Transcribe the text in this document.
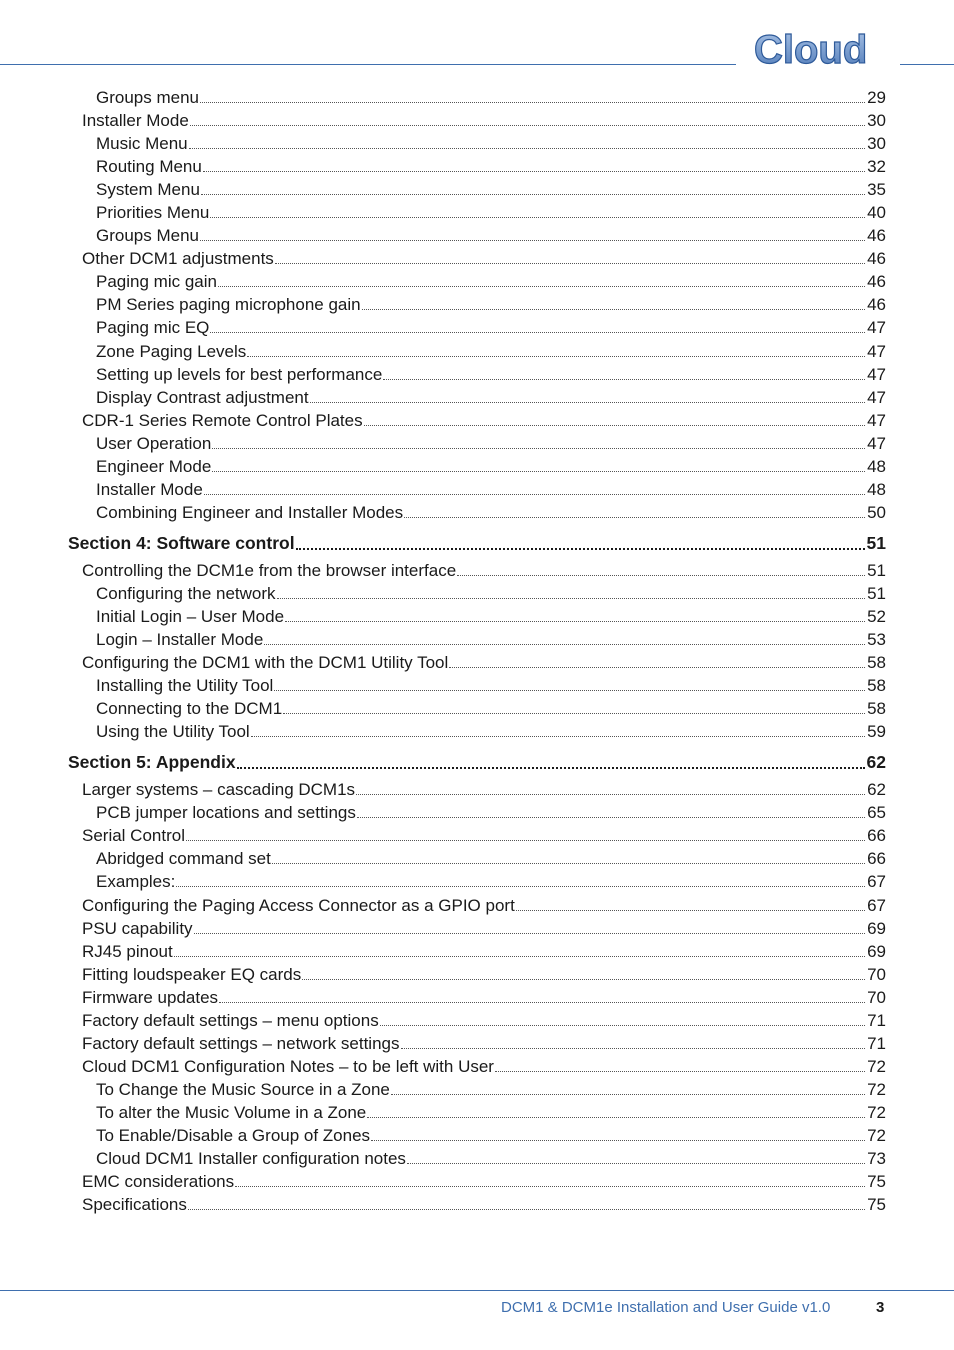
Cloud
Groups menu	29
Installer Mode	30
Music Menu	30
Routing Menu	32
System Menu	35
Priorities Menu	40
Groups Menu	46
Other DCM1 adjustments	46
Paging mic gain	46
PM Series paging microphone gain	46
Paging mic EQ	47
Zone Paging Levels	47
Setting up levels for best performance	47
Display Contrast adjustment	47
CDR-1 Series Remote Control Plates	47
User Operation	47
Engineer Mode	48
Installer Mode	48
Combining Engineer and Installer Modes	50
Section 4: Software control	51
Controlling the DCM1e from the browser interface	51
Configuring the network	51
Initial Login – User Mode	52
Login – Installer Mode	53
Configuring the DCM1 with the DCM1 Utility Tool	58
Installing the Utility Tool	58
Connecting to the DCM1	58
Using the Utility Tool	59
Section 5: Appendix	62
Larger systems – cascading DCM1s	62
PCB jumper locations and settings	65
Serial Control	66
Abridged command set	66
Examples:	67
Configuring the Paging Access Connector as a GPIO port	67
PSU capability	69
RJ45 pinout	69
Fitting loudspeaker EQ cards	70
Firmware updates	70
Factory default settings – menu options	71
Factory default settings – network settings	71
Cloud DCM1 Configuration Notes – to be left with User	72
To Change the Music Source in a Zone	72
To alter the Music Volume in a Zone	72
To Enable/Disable a Group of Zones	72
Cloud DCM1 Installer configuration notes	73
EMC considerations	75
Specifications	75
DCM1 & DCM1e Installation and User Guide v1.0	3
